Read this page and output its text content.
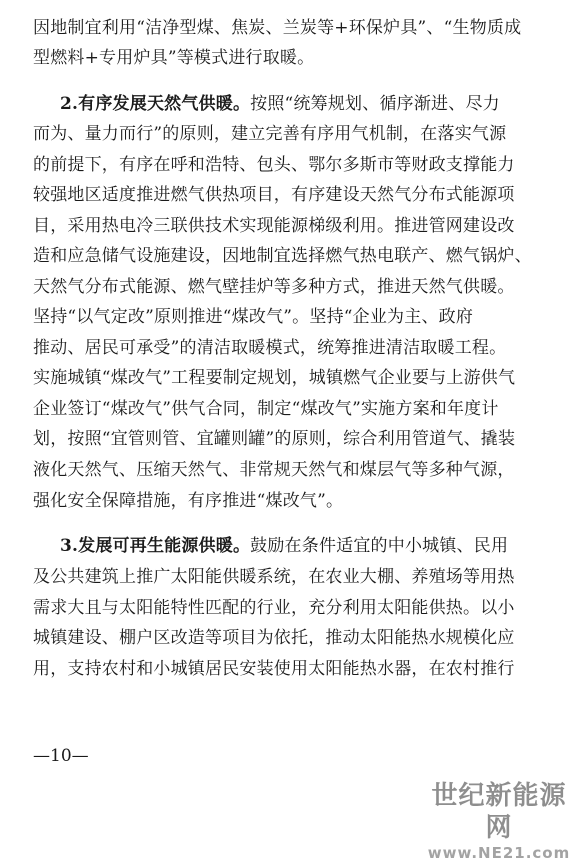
因地制宜利用“洁净型煤、焦炭、兰炭等+环保炉具”、“生物质成
型燃料+专用炉具”等模式进行取暖。
2.有序发展天然气供暖。按照“统筹规划、循序渐进、尽力
而为、量力而行”的原则，建立完善有序用气机制，在落实气源
的前提下，有序在呼和浩特、包头、鄂尔多斯市等财政支撑能力
较强地区适度推进燃气供热项目，有序建设天然气分布式能源项
目，采用热电冷三联供技术实现能源梯级利用。推进管网建设改
造和应急储气设施建设，因地制宜选择燃气热电联产、燃气锅炉、
天然气分布式能源、燃气壁挂炉等多种方式，推进天然气供暖。
坚持“以气定改”原则推进“煤改气”。坚持“企业为主、政府
推动、居民可承受”的清洁取暖模式，统筹推进清洁取暖工程。
实施城镇“煤改气”工程要制定规划，城镇燃气企业要与上游供气
企业签订“煤改气”供气合同，制定“煤改气”实施方案和年度计
划，按照“宜管则管、宜罐则罐”的原则，综合利用管道气、撬装
液化天然气、压缩天然气、非常规天然气和煤层气等多种气源，
强化安全保障措施，有序推进“煤改气”。
3.发展可再生能源供暖。鼓励在条件适宜的中小城镇、民用
及公共建筑上推广太阳能供暖系统，在农业大棚、养殖场等用热
需求大且与太阳能特性匹配的行业，充分利用太阳能供热。以小
城镇建设、棚户区改造等项目为依托，推动太阳能热水规模化应
用，支持农村和小城镇居民安装使用太阳能热水器，在农村推行
—10—
世纪新能源网
www.NE21.com
